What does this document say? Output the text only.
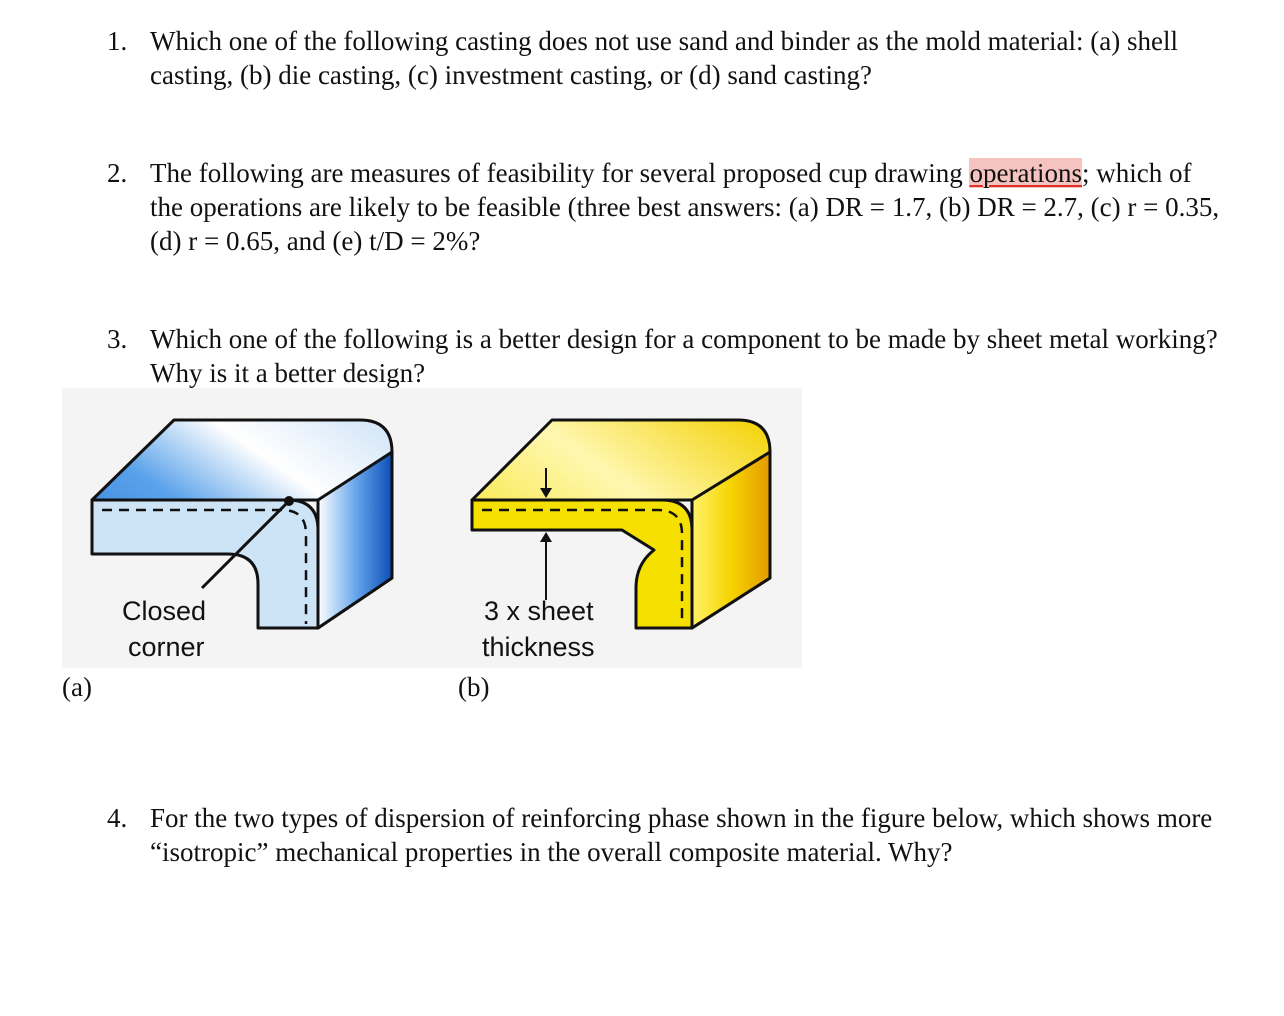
1. Which one of the following casting does not use sand and binder as the mold material: (a) shell casting, (b) die casting, (c) investment casting, or (d) sand casting?
2. The following are measures of feasibility for several proposed cup drawing operations; which of the operations are likely to be feasible (three best answers: (a) DR = 1.7, (b) DR = 2.7, (c) r = 0.35, (d) r = 0.65, and (e) t/D = 2%?
3. Which one of the following is a better design for a component to be made by sheet metal working? Why is it a better design?
Closed
corner
3 x sheet
thickness
(a)	(b)
4. For the two types of dispersion of reinforcing phase shown in the figure below, which shows more “isotropic” mechanical properties in the overall composite material. Why?
